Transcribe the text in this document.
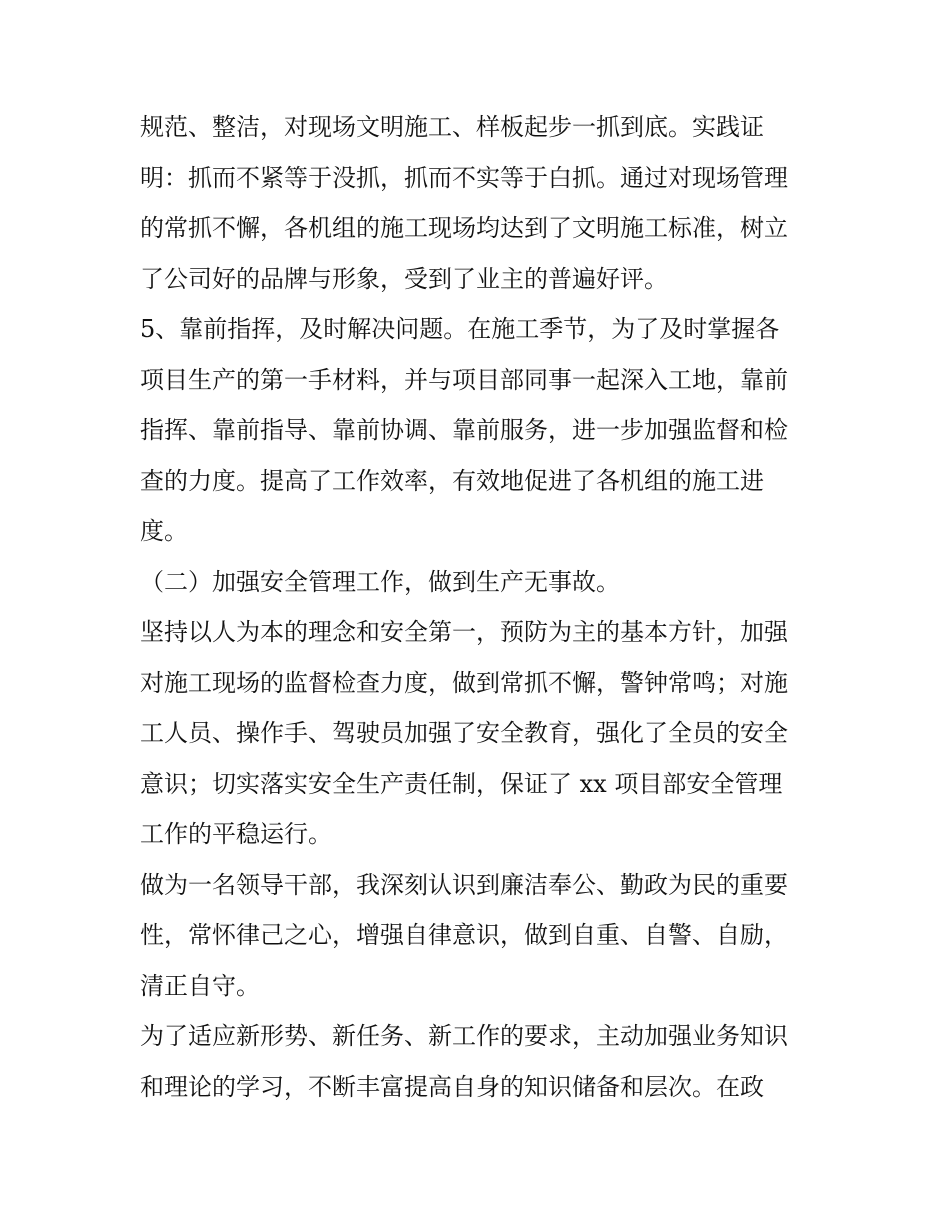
规范、整洁，对现场文明施工、样板起步一抓到底。实践证
明：抓而不紧等于没抓，抓而不实等于白抓。通过对现场管理
的常抓不懈，各机组的施工现场均达到了文明施工标准，树立
了公司好的品牌与形象，受到了业主的普遍好评。
5、靠前指挥，及时解决问题。在施工季节，为了及时掌握各
项目生产的第一手材料，并与项目部同事一起深入工地，靠前
指挥、靠前指导、靠前协调、靠前服务，进一步加强监督和检
查的力度。提高了工作效率，有效地促进了各机组的施工进
度。
（二）加强安全管理工作，做到生产无事故。
坚持以人为本的理念和安全第一，预防为主的基本方针，加强
对施工现场的监督检查力度，做到常抓不懈，警钟常鸣；对施
工人员、操作手、驾驶员加强了安全教育，强化了全员的安全
意识；切实落实安全生产责任制，保证了 xx 项目部安全管理
工作的平稳运行。
做为一名领导干部，我深刻认识到廉洁奉公、勤政为民的重要
性，常怀律己之心，增强自律意识，做到自重、自警、自励，
清正自守。
为了适应新形势、新任务、新工作的要求，主动加强业务知识
和理论的学习，不断丰富提高自身的知识储备和层次。在政
